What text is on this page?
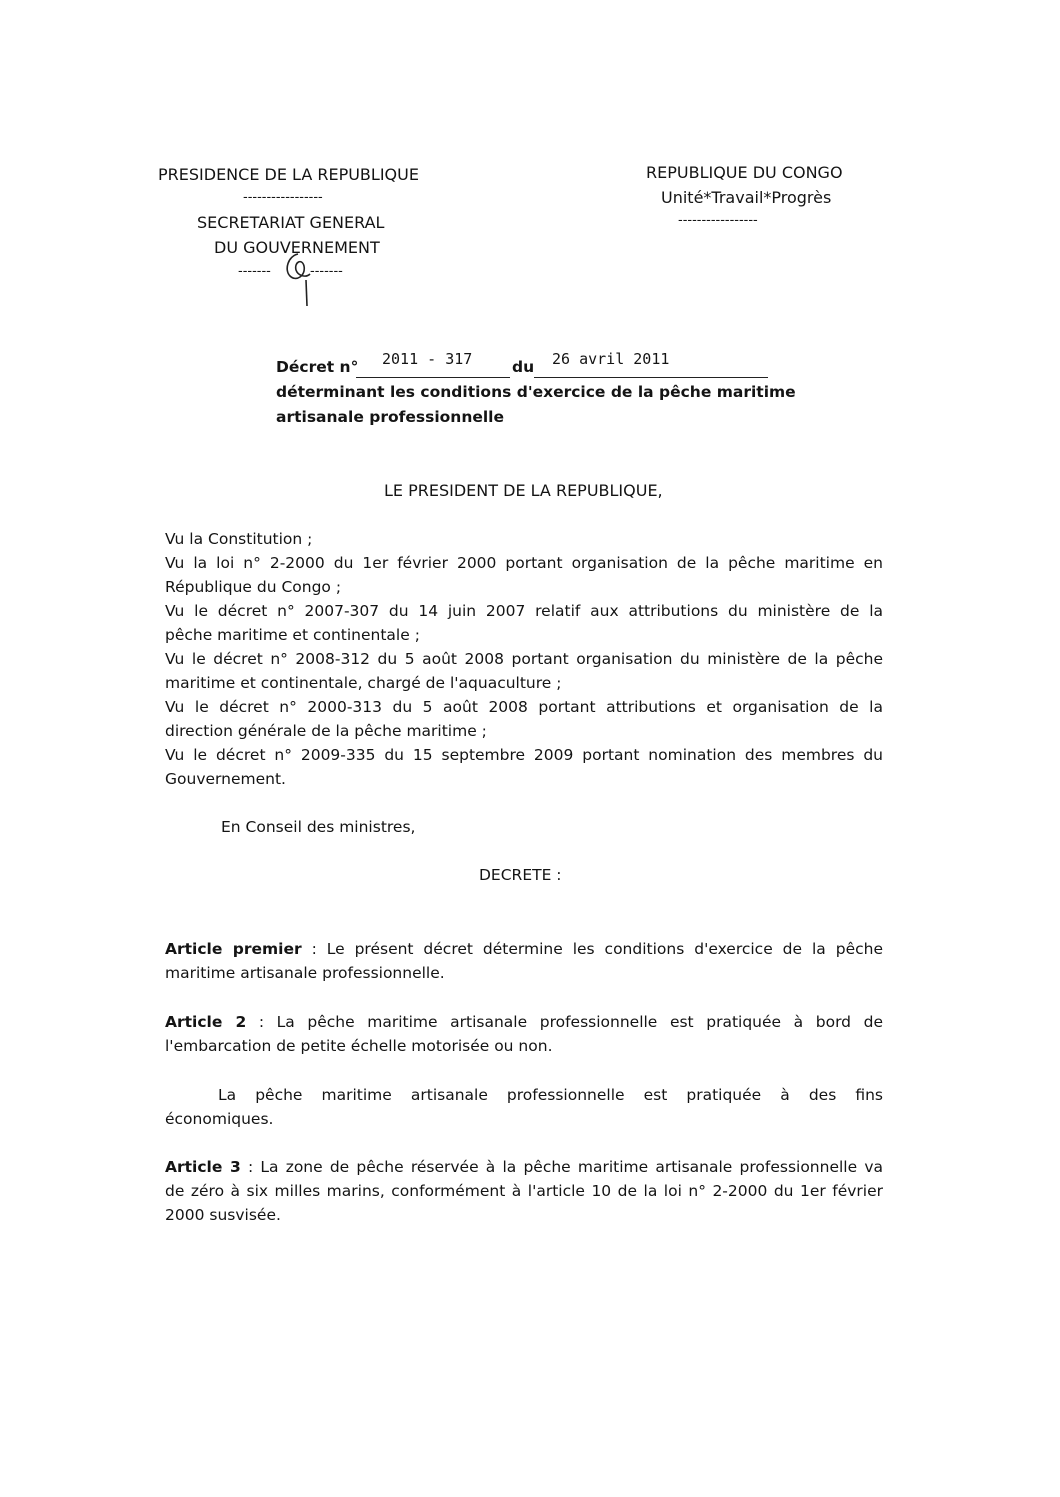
PRESIDENCE DE LA REPUBLIQUE
-----------------
SECRETARIAT GENERAL
DU GOUVERNEMENT
-------	-------
REPUBLIQUE DU CONGO
Unité*Travail*Progrès
-----------------
Décret n° 2011 - 317	du 26 avril 2011
déterminant les conditions d'exercice de la pêche maritime
artisanale professionnelle
LE PRESIDENT DE LA REPUBLIQUE,
Vu la Constitution ;
Vu la loi n° 2-2000 du 1er février 2000 portant organisation de la pêche maritime en
République du Congo ;
Vu le décret n° 2007-307 du 14 juin 2007 relatif aux attributions du ministère de la
pêche maritime et continentale ;
Vu le décret n° 2008-312 du 5 août 2008 portant organisation du ministère de la pêche
maritime et continentale, chargé de l'aquaculture ;
Vu le décret n° 2000-313 du 5 août 2008 portant attributions et organisation de la
direction générale de la pêche maritime ;
Vu le décret n° 2009-335 du 15 septembre 2009 portant nomination des membres du
Gouvernement.
En Conseil des ministres,
DECRETE :
Article premier : Le présent décret détermine les conditions d'exercice de la pêche
maritime artisanale professionnelle.
Article 2 : La pêche maritime artisanale professionnelle est pratiquée à bord de
l'embarcation de petite échelle motorisée ou non.
La pêche maritime artisanale professionnelle est pratiquée à des fins
économiques.
Article 3 : La zone de pêche réservée à la pêche maritime artisanale professionnelle va
de zéro à six milles marins, conformément à l'article 10 de la loi n° 2-2000 du 1er février
2000 susvisée.
